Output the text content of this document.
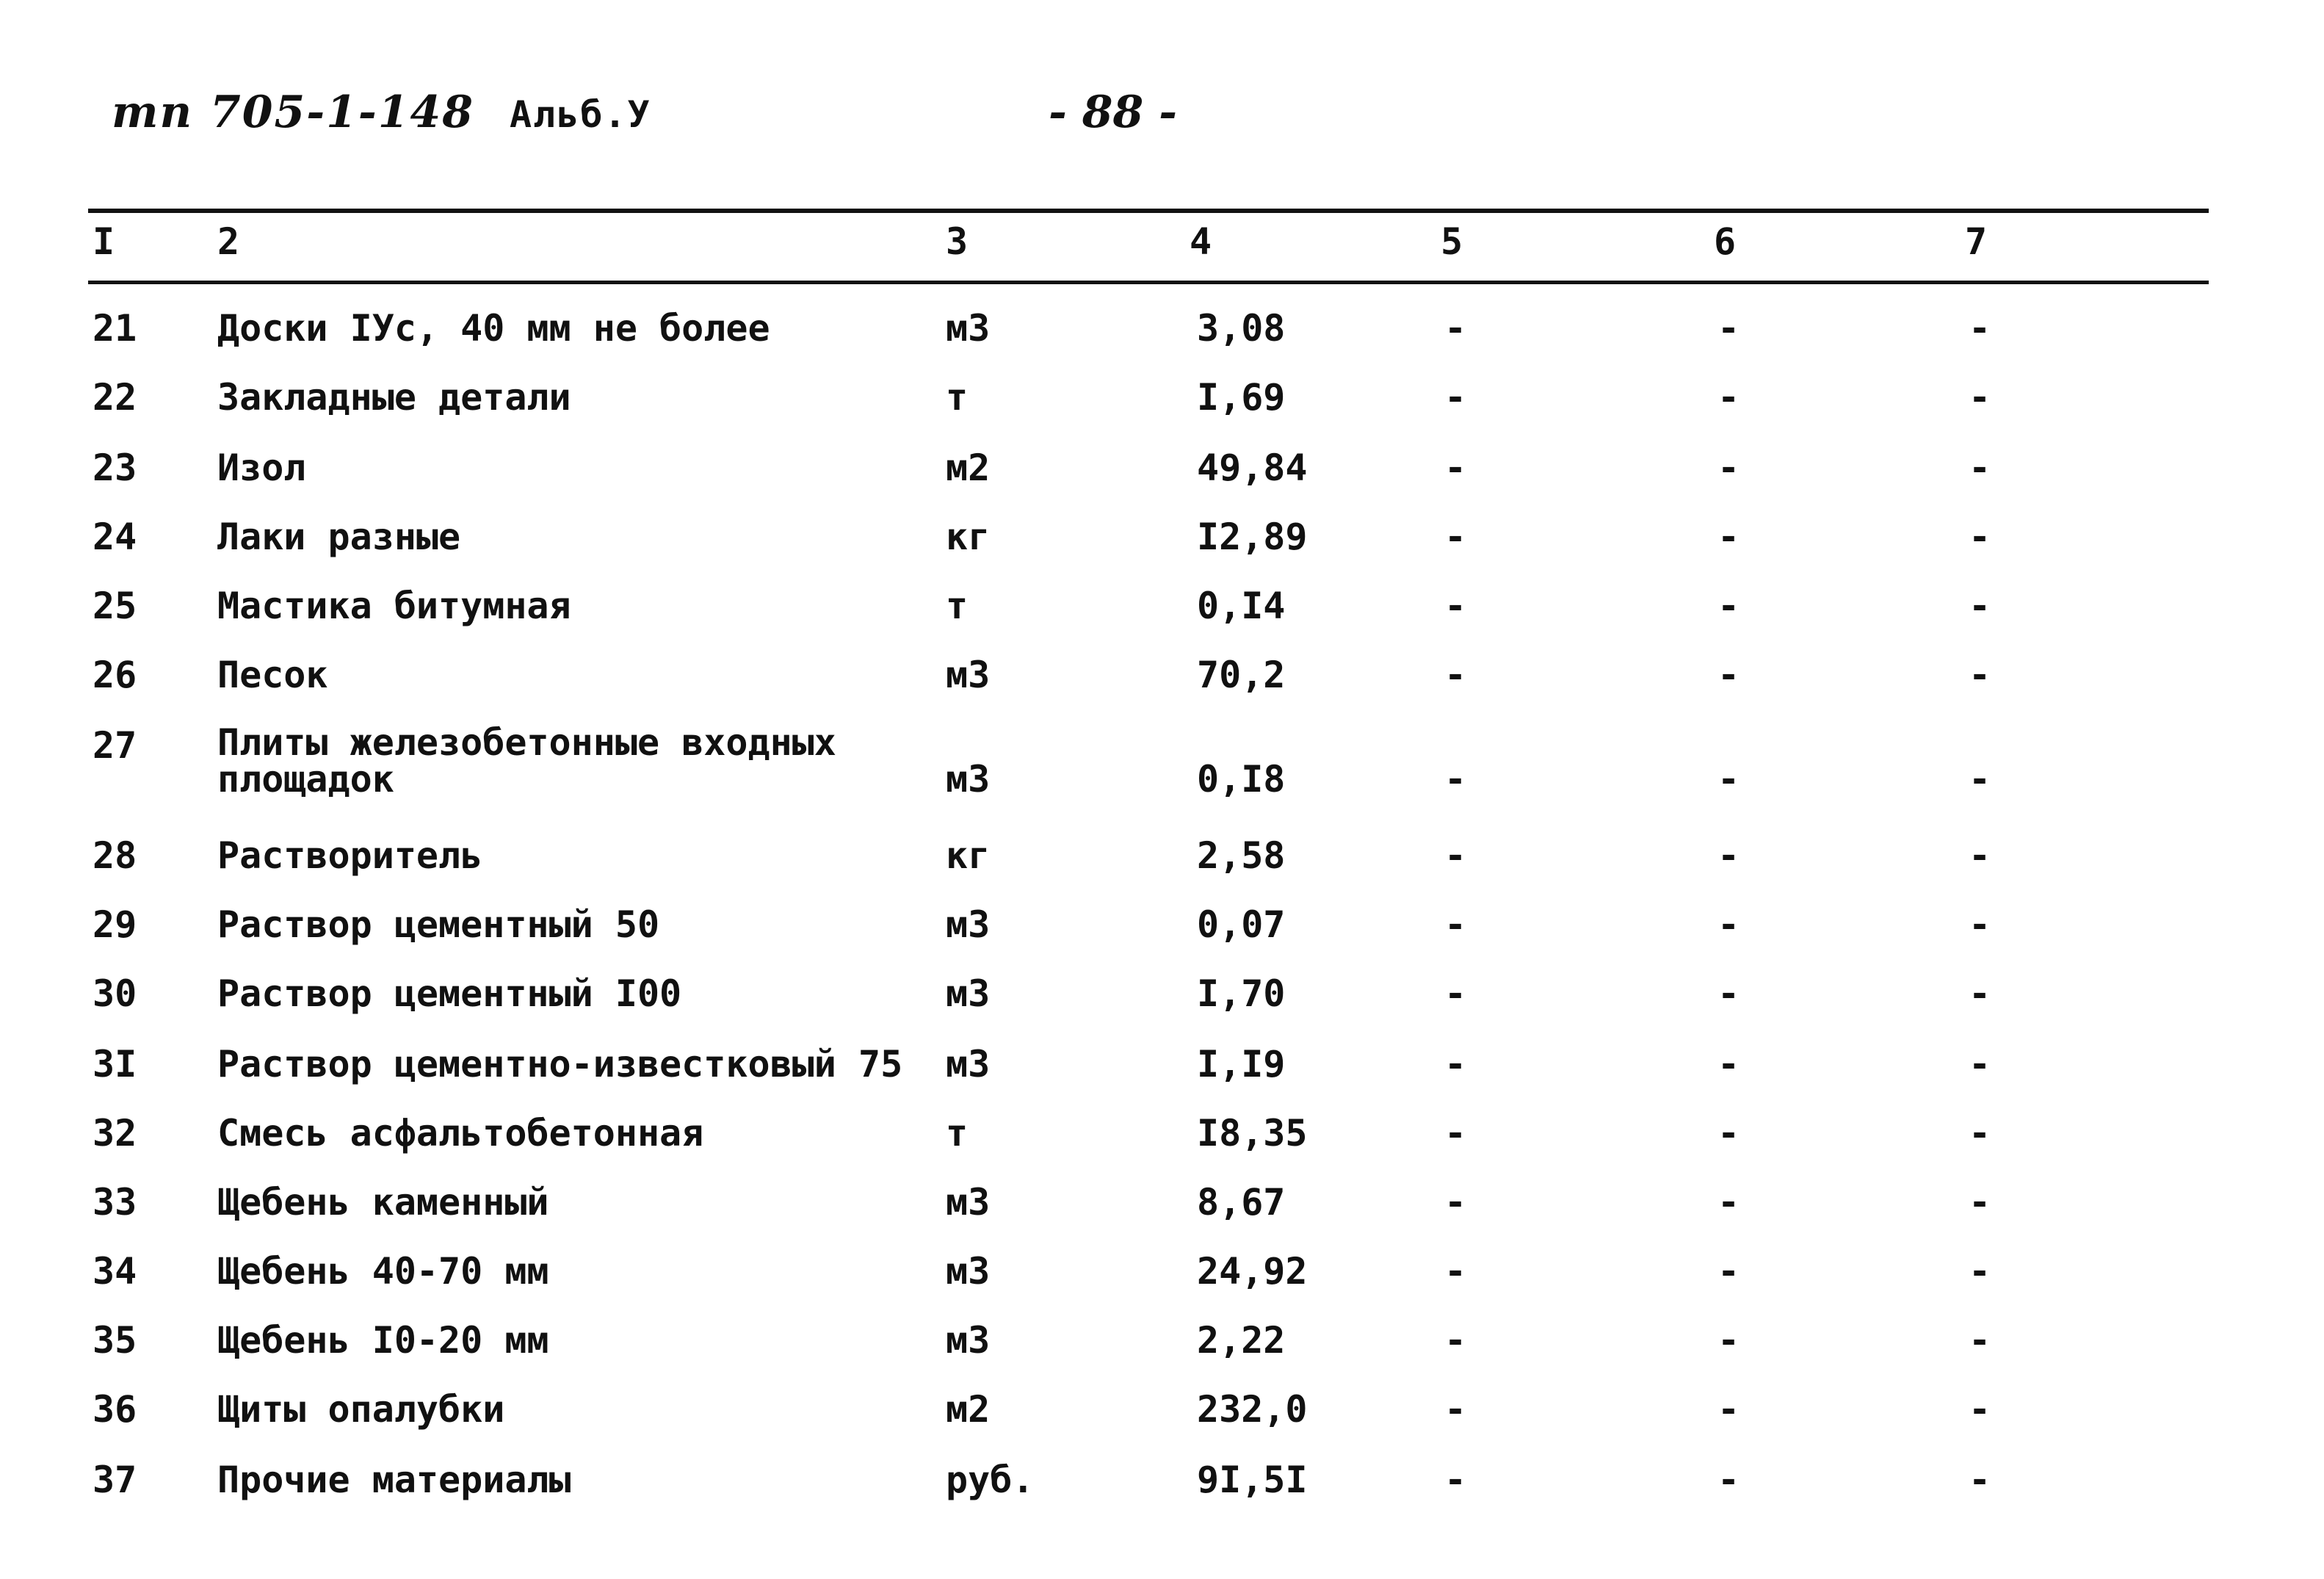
тп 705-1-148 Альб.У	- 88 -
I	2	3	4	5	6	7
21 Доски IУс, 40 мм не более	м3	3,08	-	-	-
22 Закладные детали	т	I,69	-	-	-
23 Изол	м2	49,84	-	-	-
24 Лаки разные	кг	I2,89	-	-	-
25 Мастика битумная	т	0,I4	-	-	-
26 Песок	м3	70,2	-	-	-
27 Плиты железобетонные входных площадок	м3	0,I8	-	-	-
28 Растворитель	кг	2,58	-	-	-
29 Раствор цементный 50	м3	0,07	-	-	-
30 Раствор цементный I00	м3	I,70	-	-	-
3I Раствор цементно-известковый 75 м3	I,I9	-	-	-
32 Смесь асфальтобетонная	т	I8,35	-	-	-
33 Щебень каменный	м3	8,67	-	-	-
34 Щебень 40-70 мм	м3	24,92	-	-	-
35 Щебень I0-20 мм	м3	2,22	-	-	-
36 Щиты опалубки	м2	232,0	-	-	-
37 Прочие материалы	руб.	9I,5I	-	-	-
